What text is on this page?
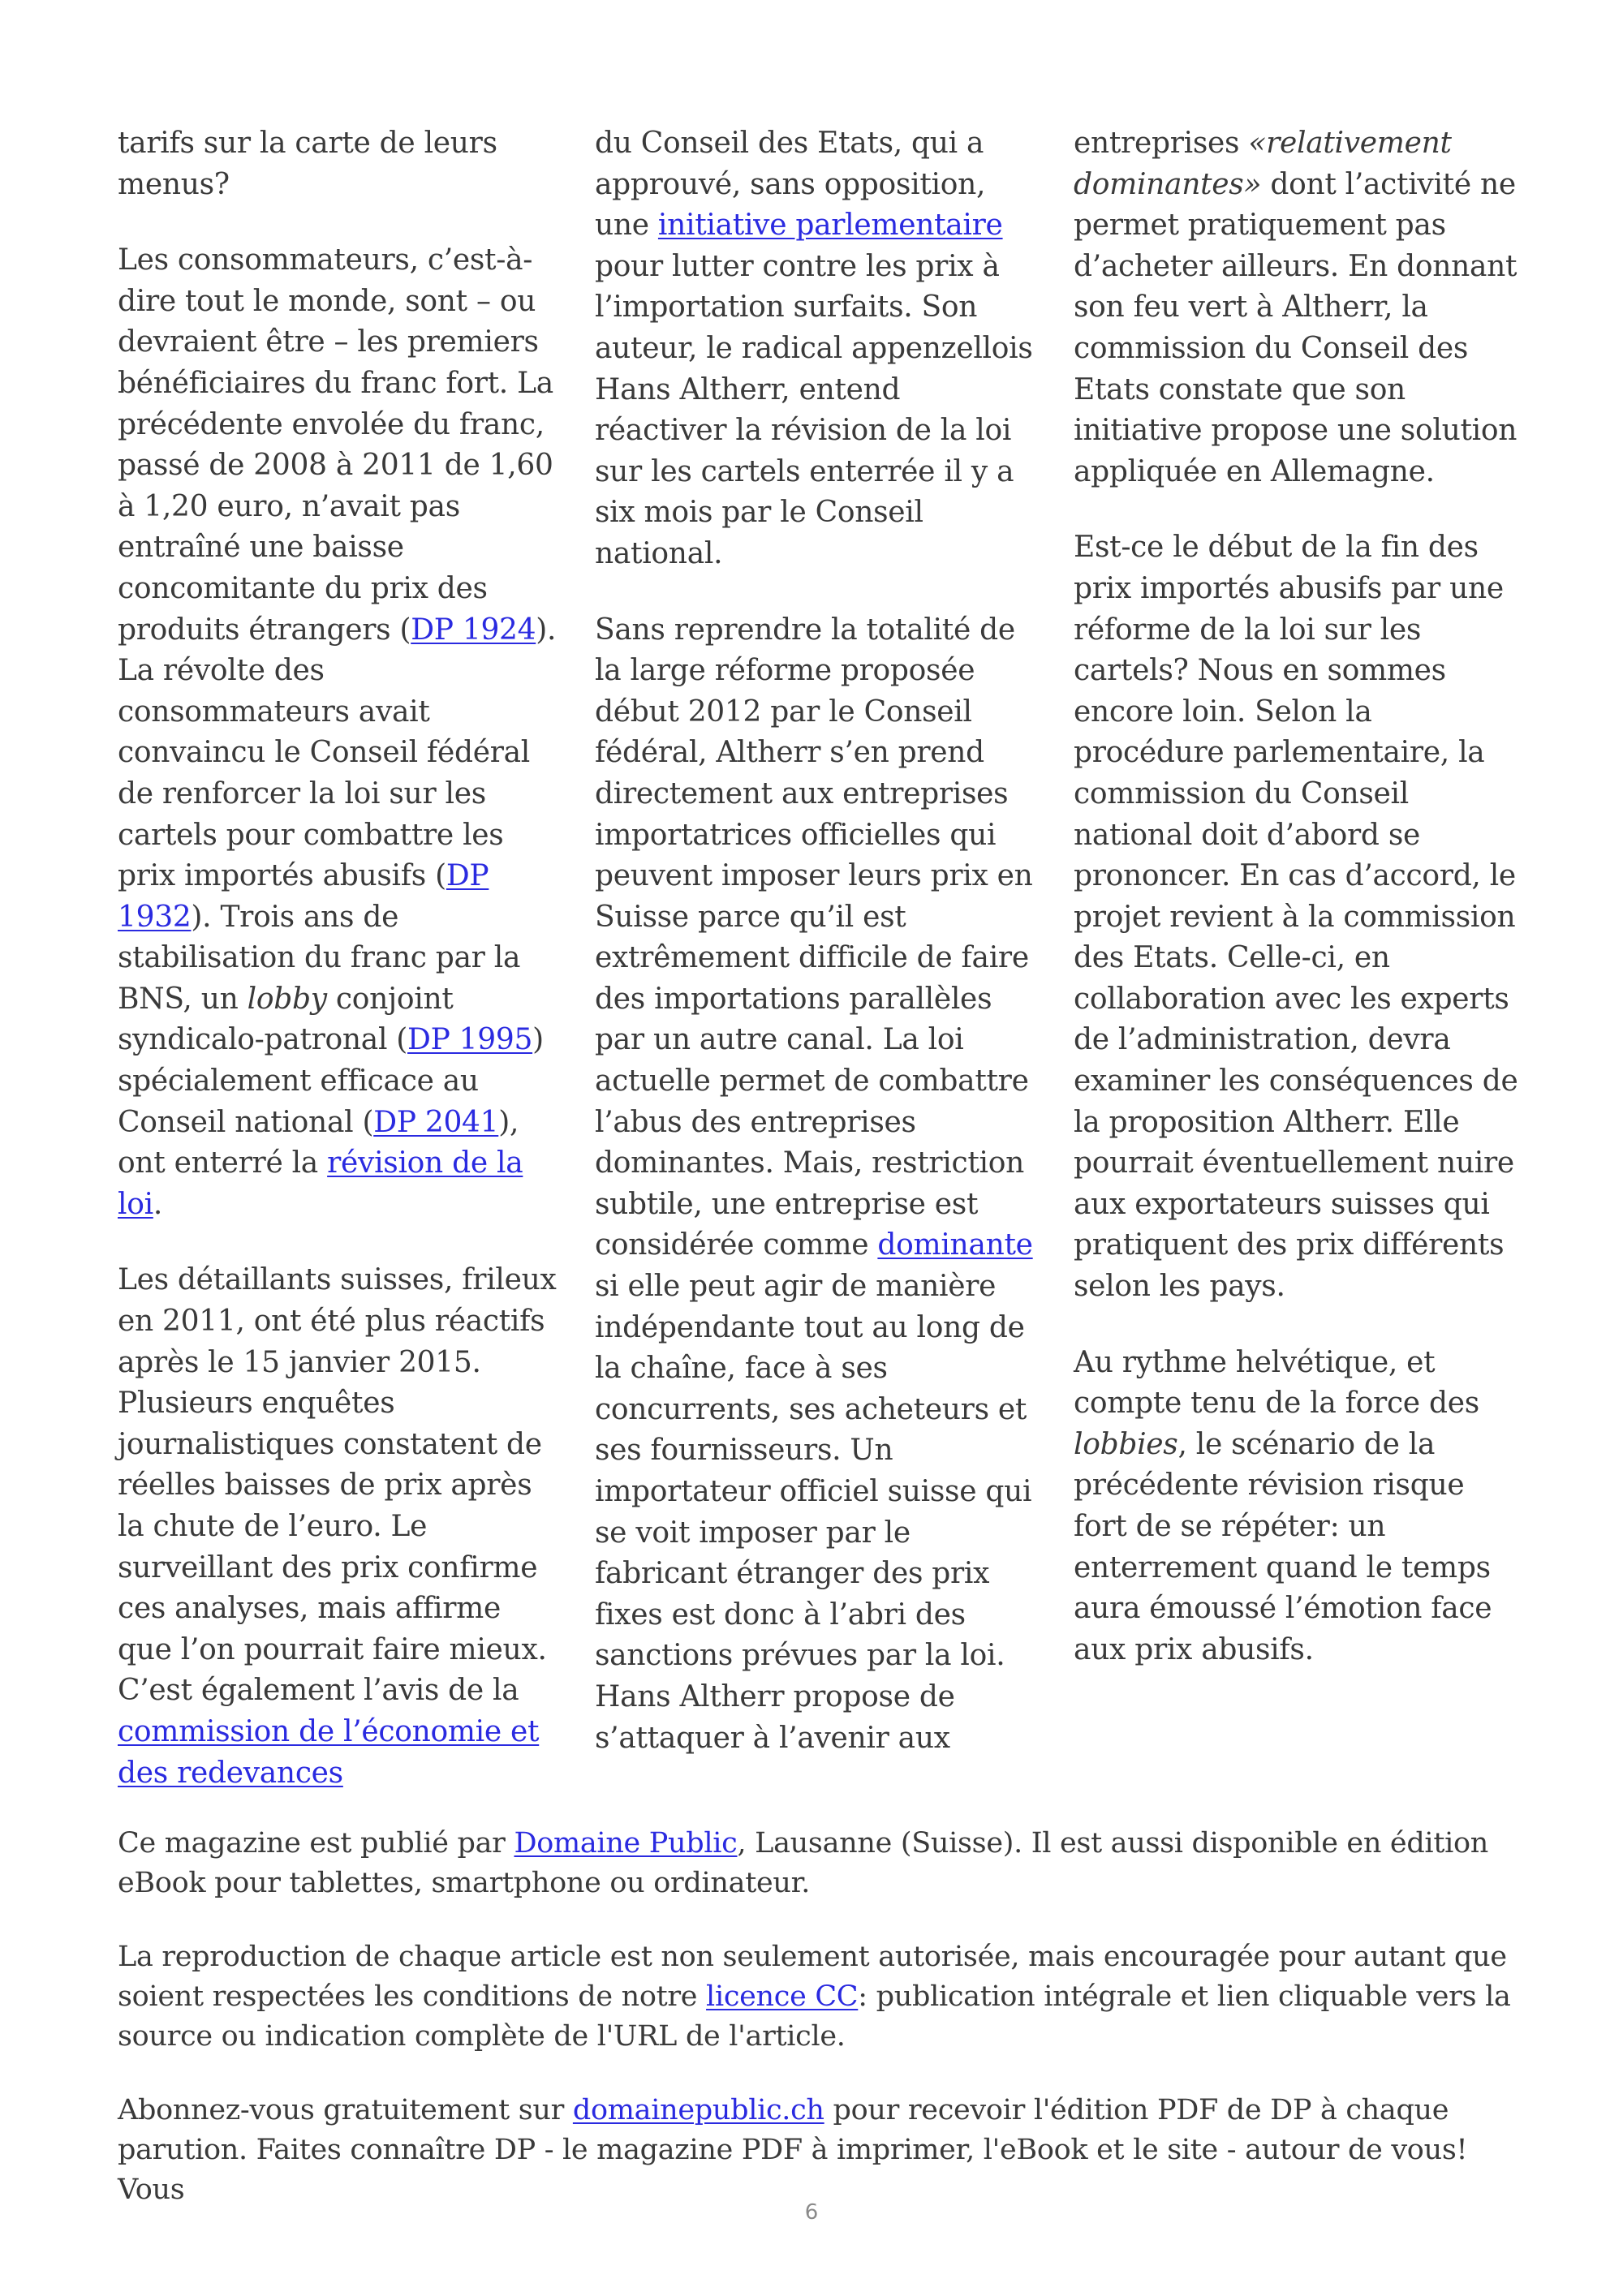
tarifs sur la carte de leurs menus?

Les consommateurs, c’est-à-dire tout le monde, sont – ou devraient être – les premiers bénéficiaires du franc fort. La précédente envolée du franc, passé de 2008 à 2011 de 1,60 à 1,20 euro, n’avait pas entraîné une baisse concomitante du prix des produits étrangers (DP 1924). La révolte des consommateurs avait convaincu le Conseil fédéral de renforcer la loi sur les cartels pour combattre les prix importés abusifs (DP 1932). Trois ans de stabilisation du franc par la BNS, un lobby conjoint syndicalo-patronal (DP 1995) spécialement efficace au Conseil national (DP 2041), ont enterré la révision de la loi.

Les détaillants suisses, frileux en 2011, ont été plus réactifs après le 15 janvier 2015. Plusieurs enquêtes journalistiques constatent de réelles baisses de prix après la chute de l’euro. Le surveillant des prix confirme ces analyses, mais affirme que l’on pourrait faire mieux. C’est également l’avis de la commission de l’économie et des redevances

du Conseil des Etats, qui a approuvé, sans opposition, une initiative parlementaire pour lutter contre les prix à l’importation surfaits. Son auteur, le radical appenzellois Hans Altherr, entend réactiver la révision de la loi sur les cartels enterrée il y a six mois par le Conseil national.

Sans reprendre la totalité de la large réforme proposée début 2012 par le Conseil fédéral, Altherr s’en prend directement aux entreprises importatrices officielles qui peuvent imposer leurs prix en Suisse parce qu’il est extrêmement difficile de faire des importations parallèles par un autre canal. La loi actuelle permet de combattre l’abus des entreprises dominantes. Mais, restriction subtile, une entreprise est considérée comme dominante si elle peut agir de manière indépendante tout au long de la chaîne, face à ses concurrents, ses acheteurs et ses fournisseurs. Un importateur officiel suisse qui se voit imposer par le fabricant étranger des prix fixes est donc à l’abri des sanctions prévues par la loi. Hans Altherr propose de s’attaquer à l’avenir aux

entreprises «relativement dominantes» dont l’activité ne permet pratiquement pas d’acheter ailleurs. En donnant son feu vert à Altherr, la commission du Conseil des Etats constate que son initiative propose une solution appliquée en Allemagne.

Est-ce le début de la fin des prix importés abusifs par une réforme de la loi sur les cartels? Nous en sommes encore loin. Selon la procédure parlementaire, la commission du Conseil national doit d’abord se prononcer. En cas d’accord, le projet revient à la commission des Etats. Celle-ci, en collaboration avec les experts de l’administration, devra examiner les conséquences de la proposition Altherr. Elle pourrait éventuellement nuire aux exportateurs suisses qui pratiquent des prix différents selon les pays.

Au rythme helvétique, et compte tenu de la force des lobbies, le scénario de la précédente révision risque fort de se répéter: un enterrement quand le temps aura émoussé l’émotion face aux prix abusifs.

Ce magazine est publié par Domaine Public, Lausanne (Suisse). Il est aussi disponible en édition eBook pour tablettes, smartphone ou ordinateur.

La reproduction de chaque article est non seulement autorisée, mais encouragée pour autant que soient respectées les conditions de notre licence CC: publication intégrale et lien cliquable vers la source ou indication complète de l'URL de l'article.

Abonnez-vous gratuitement sur domainepublic.ch pour recevoir l'édition PDF de DP à chaque parution. Faites connaître DP - le magazine PDF à imprimer, l'eBook et le site - autour de vous! Vous

6
